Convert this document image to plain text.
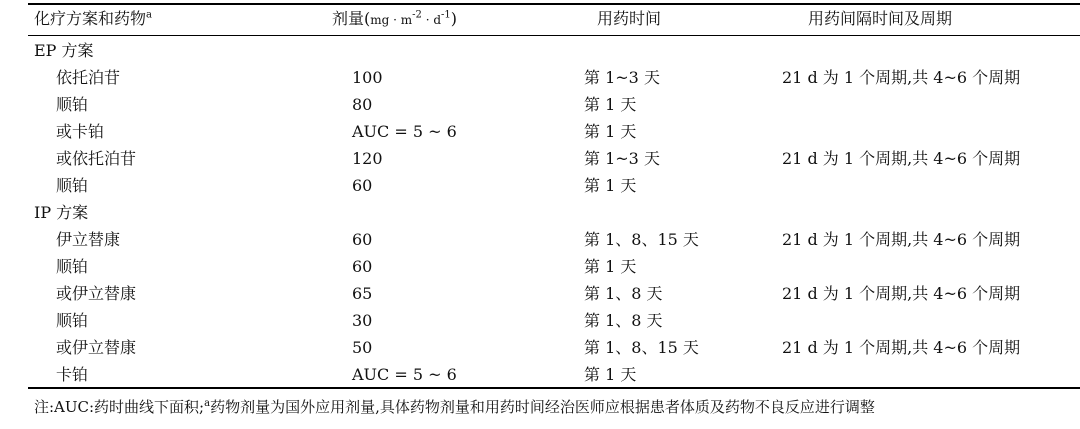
化疗方案和药物$^a$	剂量$(mg \cdot m^{-2} \cdot d^{-1})$	用药时间	用药间隔时间及周期
EP 方案
依托泊苷	100	第 1~3 天	21 d 为 1 个周期,共 4~6 个周期
顺铂	80	第 1 天
或卡铂	AUC = 5 ~ 6	第 1 天
或依托泊苷	120	第 1~3 天	21 d 为 1 个周期,共 4~6 个周期
顺铂	60	第 1 天
IP 方案
伊立替康	60	第 1、8、15 天	21 d 为 1 个周期,共 4~6 个周期
顺铂	60	第 1 天
或伊立替康	65	第 1、8 天	21 d 为 1 个周期,共 4~6 个周期
顺铂	30	第 1、8 天
或伊立替康	50	第 1、8、15 天	21 d 为 1 个周期,共 4~6 个周期
卡铂	AUC = 5 ~ 6	第 1 天
注:AUC:药时曲线下面积;$^a$药物剂量为国外应用剂量,具体药物剂量和用药时间经治医师应根据患者体质及药物不良反应进行调整
